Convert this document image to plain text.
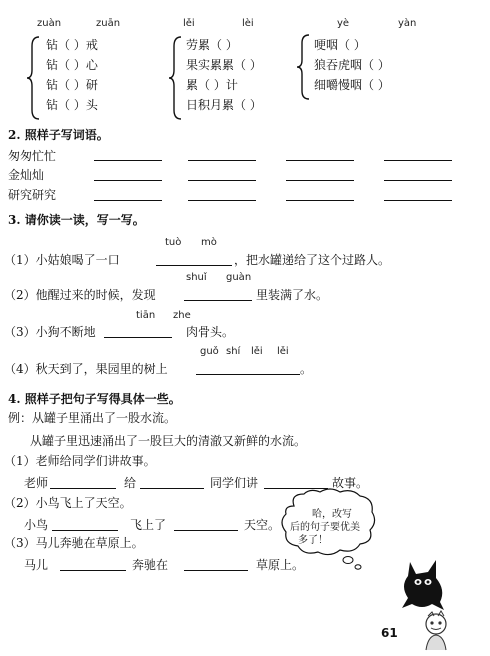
zuàn	zuān	lěi	lèi	yè	yàn
钻（ ）戒
钻（ ）心
钻（ ）研
钻（ ）头
劳累（ ）
果实累累（ ）
累（ ）计
日积月累（ ）
哽咽（ ）
狼吞虎咽（ ）
细嚼慢咽（ ）
2. 照样子写词语。
匆匆忙忙
金灿灿
研究研究
3. 请你读一读，写一写。
tuò mò
（1）小姑娘喝了一口	，把水罐递给了这个过路人。
shuǐ guàn
（2）他醒过来的时候，发现	里装满了水。
tiān zhe
（3）小狗不断地	肉骨头。
guǒ shí lěi lěi
（4）秋天到了，果园里的树上	。
4. 照样子把句子写得具体一些。
例：从罐子里涌出了一股水流。
从罐子里迅速涌出了一股巨大的清澈又新鲜的水流。
（1）老师给同学们讲故事。
老师	给	同学们讲	故事。
（2）小鸟飞上了天空。
小鸟	飞上了	天空。
（3）马儿奔驰在草原上。
马儿	奔驰在	草原上。
哈，改写
后的句子要优美
多了！
61
